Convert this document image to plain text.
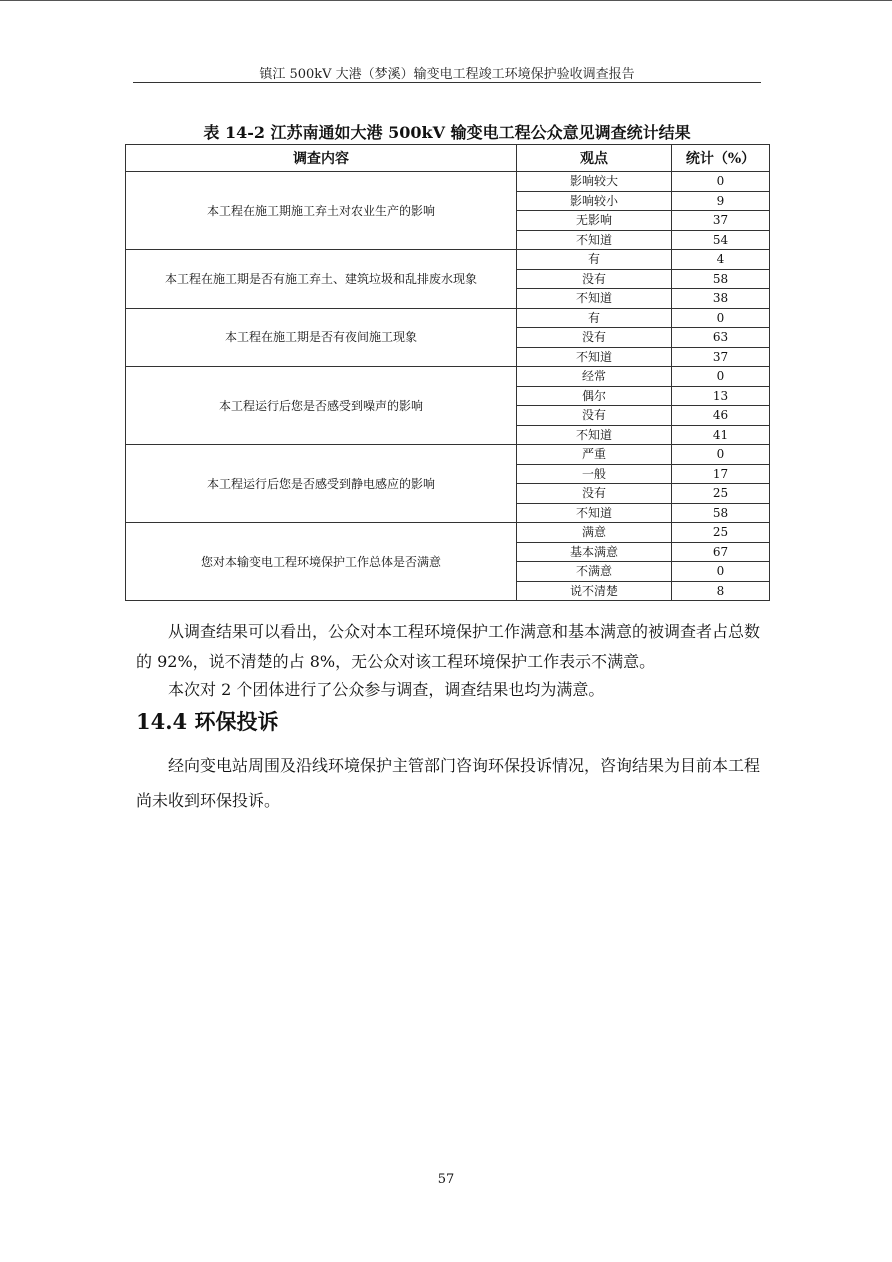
镇江 500kV 大港（梦溪）输变电工程竣工环境保护验收调查报告
表 14-2 江苏南通如大港 500kV 输变电工程公众意见调查统计结果
调查内容	观点	统计（%）
本工程在施工期施工弃土对农业生产的影响	影响较大	0
	影响较小	9
	无影响	37
	不知道	54
本工程在施工期是否有施工弃土、建筑垃圾和乱排废水现象	有	4
	没有	58
	不知道	38
本工程在施工期是否有夜间施工现象	有	0
	没有	63
	不知道	37
本工程运行后您是否感受到噪声的影响	经常	0
	偶尔	13
	没有	46
	不知道	41
本工程运行后您是否感受到静电感应的影响	严重	0
	一般	17
	没有	25
	不知道	58
您对本输变电工程环境保护工作总体是否满意	满意	25
	基本满意	67
	不满意	0
	说不清楚	8
从调查结果可以看出，公众对本工程环境保护工作满意和基本满意的被调查者占总数的 92%，说不清楚的占 8%，无公众对该工程环境保护工作表示不满意。
本次对 2 个团体进行了公众参与调查，调查结果也均为满意。
14.4 环保投诉
经向变电站周围及沿线环境保护主管部门咨询环保投诉情况，咨询结果为目前本工程尚未收到环保投诉。
57
